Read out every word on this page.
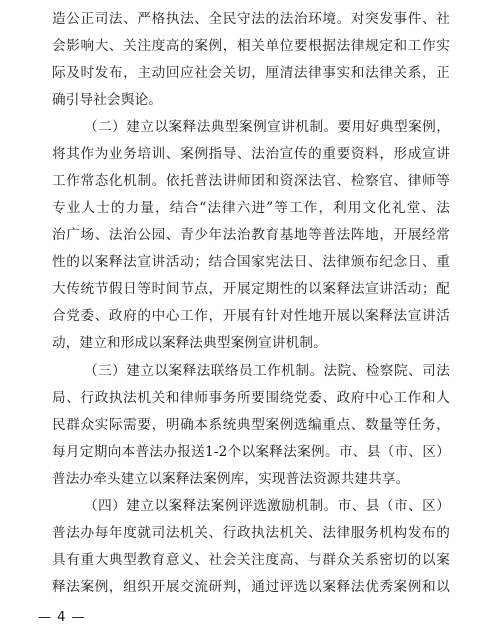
造公正司法、严格执法、全民守法的法治环境。对突发事件、社
会影响大、关注度高的案例，相关单位要根据法律规定和工作实
际及时发布，主动回应社会关切，厘清法律事实和法律关系，正
确引导社会舆论。
（二）建立以案释法典型案例宣讲机制。要用好典型案例，
将其作为业务培训、案例指导、法治宣传的重要资料，形成宣讲
工作常态化机制。依托普法讲师团和资深法官、检察官、律师等
专业人士的力量，结合“法律六进”等工作，利用文化礼堂、法
治广场、法治公园、青少年法治教育基地等普法阵地，开展经常
性的以案释法宣讲活动；结合国家宪法日、法律颁布纪念日、重
大传统节假日等时间节点，开展定期性的以案释法宣讲活动；配
合党委、政府的中心工作，开展有针对性地开展以案释法宣讲活
动，建立和形成以案释法典型案例宣讲机制。
（三）建立以案释法联络员工作机制。法院、检察院、司法
局、行政执法机关和律师事务所要围绕党委、政府中心工作和人
民群众实际需要，明确本系统典型案例选编重点、数量等任务，
每月定期向本普法办报送1-2个以案释法案例。市、县（市、区）
普法办牵头建立以案释法案例库，实现普法资源共建共享。
（四）建立以案释法案例评选激励机制。市、县（市、区）
普法办每年度就司法机关、行政执法机关、法律服务机构发布的
具有重大典型教育意义、社会关注度高、与群众关系密切的以案
释法案例，组织开展交流研判，通过评选以案释法优秀案例和以
— 4 —
